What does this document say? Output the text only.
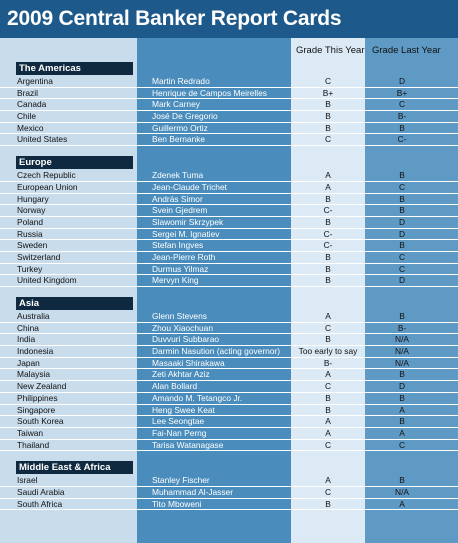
2009 Central Banker Report Cards
Grade This Year Grade Last Year
The Americas
Argentina	Martin Redrado	C	D
Brazil	Henrique de Campos Meirelles	B+	B+
Canada	Mark Carney	B	C
Chile	José De Gregorio	B	B-
Mexico	Guillermo Ortiz	B	B
United States	Ben Bernanke	C	C-
Europe
Czech Republic	Zdenek Tuma	A	B
European Union	Jean-Claude Trichet	A	C
Hungary	András Simor	B	B
Norway	Svein Gjedrem	C-	B
Poland	Slawomir Skrzypek	B	D
Russia	Sergei M. Ignatiev	C-	D
Sweden	Stefan Ingves	C-	B
Switzerland	Jean-Pierre Roth	B	C
Turkey	Durmus Yilmaz	B	C
United Kingdom	Mervyn King	B	D
Asia
Australia	Glenn Stevens	A	B
China	Zhou Xiaochuan	C	B-
India	Duvvuri Subbarao	B	N/A
Indonesia	Darmin Nasution (acting governor)	Too early to say	N/A
Japan	Masaaki Shirakawa	B-	N/A
Malaysia	Zeti Akhtar Aziz	A	B
New Zealand	Alan Bollard	C	D
Philippines	Amando M. Tetangco Jr.	B	B
Singapore	Heng Swee Keat	B	A
South Korea	Lee Seongtae	A	B
Taiwan	Fai-Nan Perng	A	A
Thailand	Tarisa Watanagase	C	C
Middle East & Africa
Israel	Stanley Fischer	A	B
Saudi Arabia	Muhammad Al-Jasser	C	N/A
South Africa	Tito Mboweni	B	A
